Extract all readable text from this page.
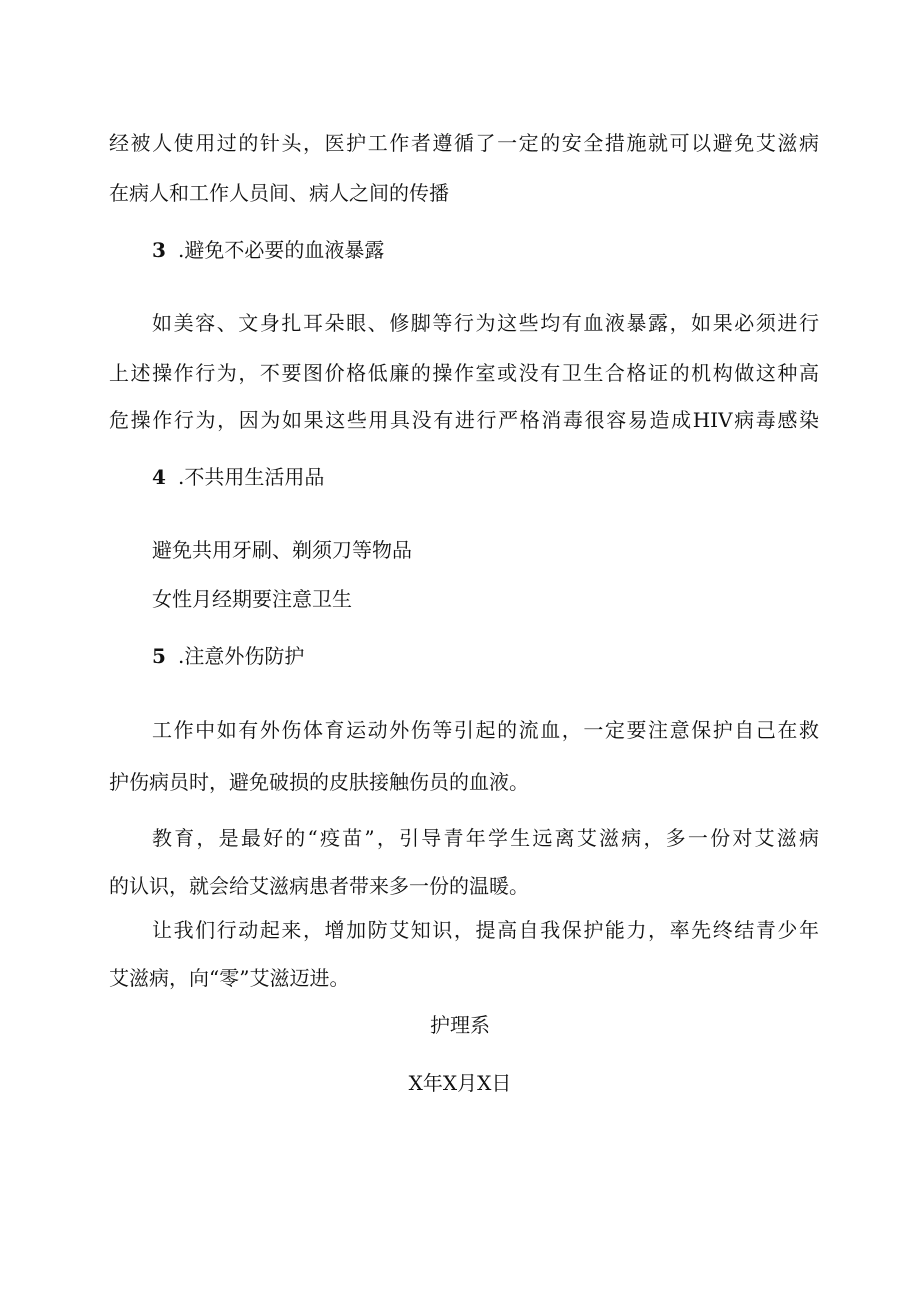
经被人使用过的针头，医护工作者遵循了一定的安全措施就可以避免艾滋病
在病人和工作人员间、病人之间的传播
3 .避免不必要的血液暴露
如美容、文身扎耳朵眼、修脚等行为这些均有血液暴露，如果必须进行
上述操作行为，不要图价格低廉的操作室或没有卫生合格证的机构做这种高
危操作行为，因为如果这些用具没有进行严格消毒很容易造成HIV病毒感染
4 .不共用生活用品
避免共用牙刷、剃须刀等物品
女性月经期要注意卫生
5 .注意外伤防护
工作中如有外伤体育运动外伤等引起的流血，一定要注意保护自己在救
护伤病员时，避免破损的皮肤接触伤员的血液。
教育，是最好的“疫苗”，引导青年学生远离艾滋病，多一份对艾滋病
的认识，就会给艾滋病患者带来多一份的温暖。
让我们行动起来，增加防艾知识，提高自我保护能力，率先终结青少年
艾滋病，向“零”艾滋迈进。
护理系
X年X月X日
